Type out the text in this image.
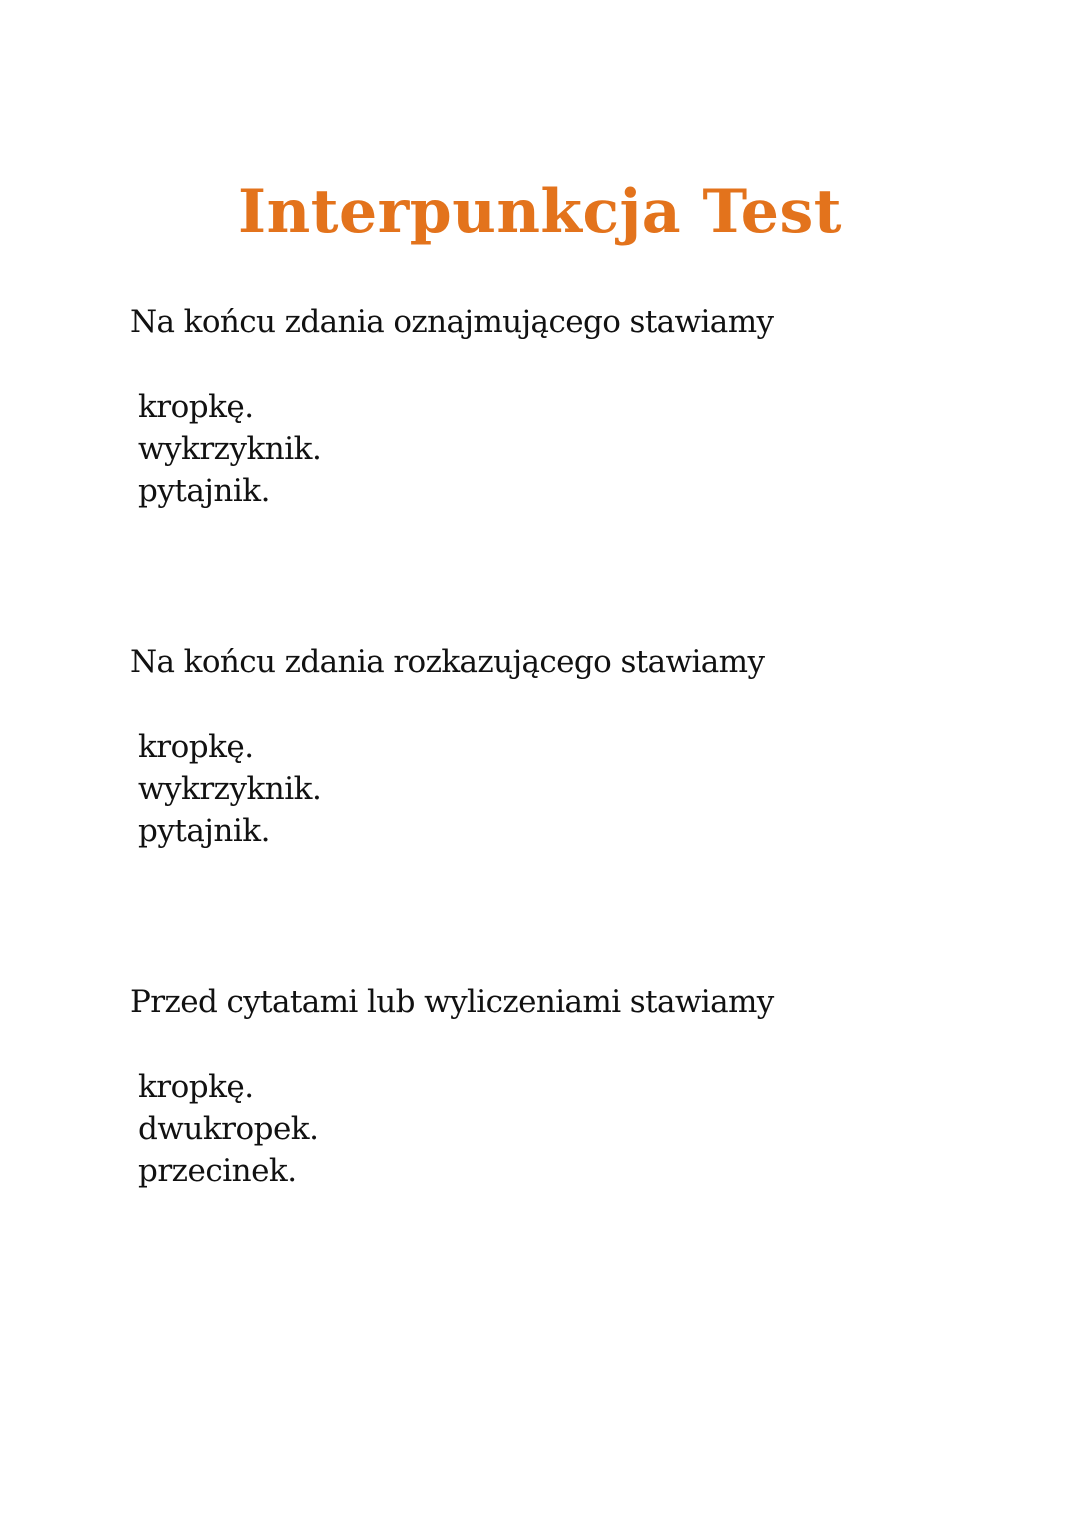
Interpunkcja Test

Na końcu zdania oznajmującego stawiamy

kropkę.
wykrzyknik.
pytajnik.

Na końcu zdania rozkazującego stawiamy

kropkę.
wykrzyknik.
pytajnik.

Przed cytatami lub wyliczeniami stawiamy

kropkę.
dwukropek.
przecinek.
